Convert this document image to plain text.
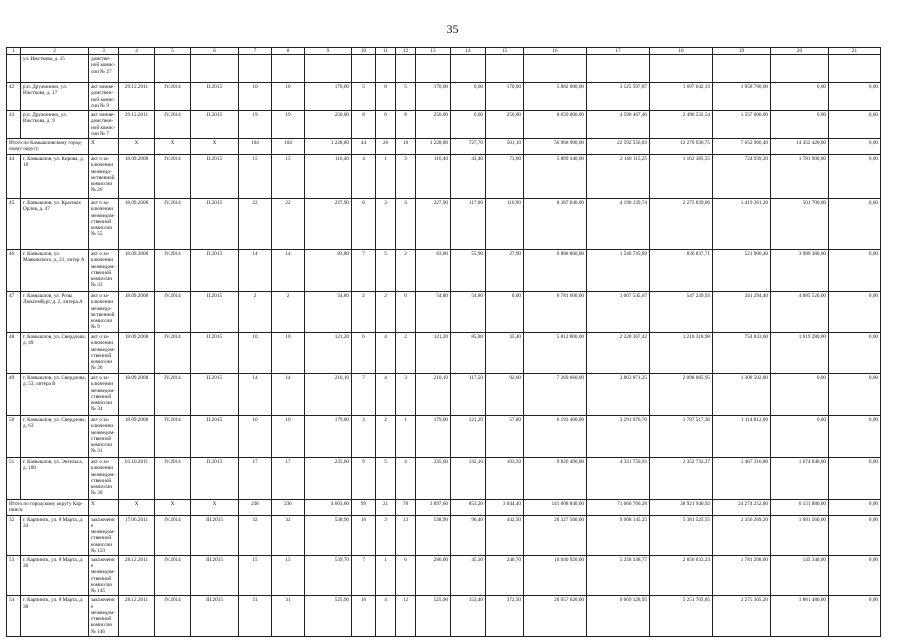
35
1	2	3	4	5	6	7	8	9	10	11	12	13	14	15	16	17	18	19	20	21
	ул. Ижсткова, д. 15	домстве-ной комис-сии № 27																		
42	р.п. Дружинино, ул. Ижсткова, д. 17	акт межве-домствен-ной комис-сии № 9	29.12.2011	IV.2014	II.2015	10	10	170,00	5	0	5	170,00	0,00	170,00	5 882 000,00	3 125 597,87	1 697 642,13	1 058 760,00	0,00	0,00
43	р.п. Дружинино, ул. Ижсткова, д. 9	акт межве-домствен-ной комис-сии № 7	29.12.2011	IV.2014	II.2015	19	19	250,00	8	0	8	250,00	0,00	250,00	8 650 000,00	4 596 467,46	2 496 532,54	1 557 000,00	0,00	0,00
Итого по Камышловскому город-скому округу:		X	X	X	X	104	104	1 228,80	44	26	18	1 228,80	727,70	501,10	56 968 900,00	22 592 556,83	12 270 936,75	7 652 966,40	14 452 420,00	0,00
44	г. Камышлов, ул. Кирова, д. 18	акт о за-ключении межведо-мственной комиссии № 26	18.09.2008	IV.2014	II.2015	15	15	116,40	4	1	3	116,40	43,40	73,00	5 809 340,00	2 160 115,25	1 162 385,55	724 939,20	1 781 900,00	0,00
45	г. Камышлов, ул. Красных Орлов, д. 47	акт о за-ключении межведом-ственной комиссии № 55	18.09.2008	IV.2014	II.2015	22	22	227,90	6	3	3	227,90	117,00	110,90	8 387 040,00	4 190 139,74	2 275 839,06	1 419 361,20	501 700,00	0,00
46	г. Камышлов, ул. Маяковского, д. 21, литер А	акт о за-ключении межведом-ственной комиссии № 33	18.09.2008	IV.2014	II.2015	14	14	83,80	7	5	2	83,80	55,90	27,90	6 888 860,00	1 540 735,89	836 837,71	521 906,40	3 989 380,00	0,00
47	г. Камышлов, ул. Розы Люксембург, д. 2, литера А	акт о за-ключении межведо-мственной комиссии № 9	18.09.2008	IV.2014	II.2015	2	2	54,80	2	2	0	54,80	54,80	0,00	6 781 600,00	1 007 545,67	547 239,93	341 294,40	4 885 520,00	0,00
48	г. Камышлов, ул. Свердлова, д. 49	акт о за-ключении межведом-ственной комиссии № 20	18.09.2008	IV.2014	II.2015	10	10	121,20	6	4	2	121,20	85,80	35,40	5 812 800,00	2 228 367,42	1 210 318,98	754 833,60	1 619 280,00	0,00
49	г. Камышлов, ул. Свердлова, д. 53, литера В	акт о за-ключении межведом-ственной комиссии № 34	18.09.2008	IV.2014	II.2015	14	14	210,10	7	4	3	210,10	117,50	92,60	7 269 660,00	3 862 871,25	2 098 085,95	1 308 502,80	0,00	0,00
50	г. Камышлов, ул. Свердлова, д. 63	акт о за-ключении межведом-ственной комиссии № 31	18.09.2008	IV.2014	II.2015	10	10	179,00	3	2	1	179,00	121,20	57,80	6 193 400,00	3 291 070,70	1 787 517,30	1 114 812,00	0,00	0,00
51	г. Камышлов, ул. Энгельса, д. 180	акт о за-ключении межведом-ственной комиссии № 30	03.10.2011	IV.2014	II.2015	17	17	235,60	9	5	4	235,60	132,10	103,50	9 826 400,00	4 331 750,93	2 352 732,27	1 467 316,80	1 674 640,00	0,00
Итого по городскому округу Кар-пинск:		X	X	X	X	236	236	4 603,60	99	21	78	3 897,60	853,20	3 044,40	141 008 840,00	71 660 766,28	38 921 940,92	24 274 252,80	6 151 880,00	0,00
52	г. Карпинск, ул. 8 Марта, д. 34	заключение межведом-ственной комиссии № 123	17.06.2011	IV.2014	III.2015	32	32	538,90	16	3	13	538,90	96,40	442,50	20 327 500,00	9 908 145,25	5 381 525,55	3 356 269,20	1 681 560,00	0,00
53	г. Карпинск, ул. 8 Марта, д. 36	заключение межведом-ственной комиссии № 145	28.12.2011	IV.2014	III.2015	15	15	539,70	7	1	6	286,00	45,30	240,70	10 040 920,00	5 258 338,77	2 856 033,23	1 781 208,00	145 340,00	0,00
54	г. Карпинск, ул. 8 Марта, д. 38	заключение межведом-ственной комиссии № 146	28.12.2011	IV.2014	III.2015	31	31	525,90	16	4	12	525,90	153,40	372,50	20 057 620,00	9 669 128,95	5 251 705,85	3 275 305,20	1 861 480,00	0,00
